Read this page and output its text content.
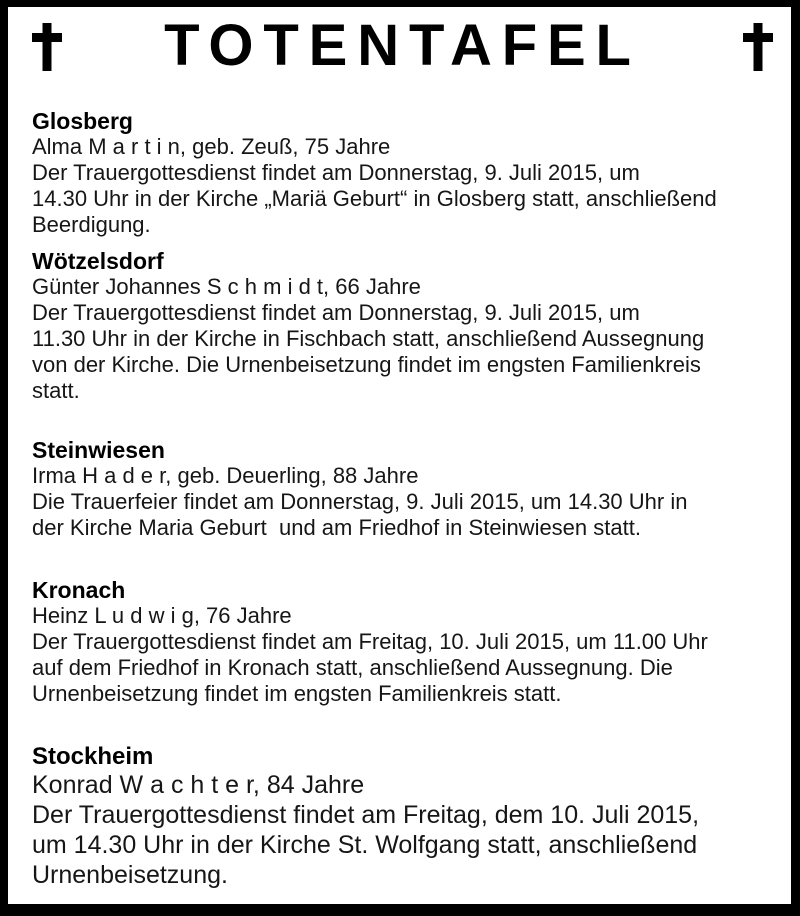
TOTENTAFEL
Glosberg
Alma M a r t i n, geb. Zeuß, 75 Jahre
Der Trauergottesdienst findet am Donnerstag, 9. Juli 2015, um
14.30 Uhr in der Kirche „Mariä Geburt“ in Glosberg statt, anschließend
Beerdigung.
Wötzelsdorf
Günter Johannes S c h m i d t, 66 Jahre
Der Trauergottesdienst findet am Donnerstag, 9. Juli 2015, um
11.30 Uhr in der Kirche in Fischbach statt, anschließend Aussegnung
von der Kirche. Die Urnenbeisetzung findet im engsten Familienkreis
statt.
Steinwiesen
Irma H a d e r, geb. Deuerling, 88 Jahre
Die Trauerfeier findet am Donnerstag, 9. Juli 2015, um 14.30 Uhr in
der Kirche Maria Geburt  und am Friedhof in Steinwiesen statt.
Kronach
Heinz L u d w i g, 76 Jahre
Der Trauergottesdienst findet am Freitag, 10. Juli 2015, um 11.00 Uhr
auf dem Friedhof in Kronach statt, anschließend Aussegnung. Die
Urnenbeisetzung findet im engsten Familienkreis statt.
Stockheim
Konrad W a c h t e r, 84 Jahre
Der Trauergottesdienst findet am Freitag, dem 10. Juli 2015,
um 14.30 Uhr in der Kirche St. Wolfgang statt, anschließend
Urnenbeisetzung.
